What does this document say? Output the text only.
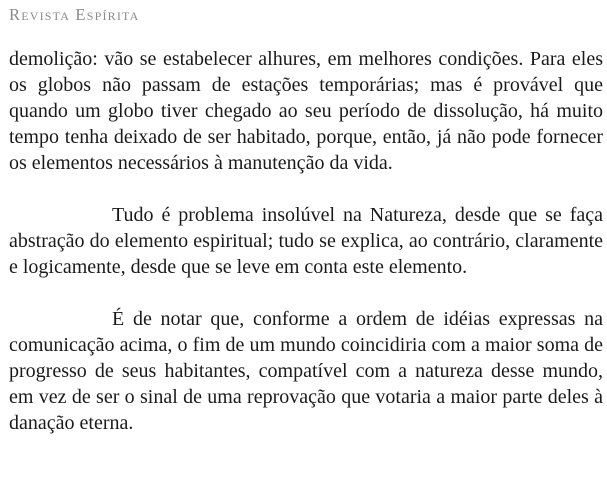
Revista Espírita

demolição: vão se estabelecer alhures, em melhores condições. Para eles os globos não passam de estações temporárias; mas é provável que quando um globo tiver chegado ao seu período de dissolução, há muito tempo tenha deixado de ser habitado, porque, então, já não pode fornecer os elementos necessários à manutenção da vida.

Tudo é problema insolúvel na Natureza, desde que se faça abstração do elemento espiritual; tudo se explica, ao contrário, claramente e logicamente, desde que se leve em conta este elemento.

É de notar que, conforme a ordem de idéias expressas na comunicação acima, o fim de um mundo coincidiria com a maior soma de progresso de seus habitantes, compatível com a natureza desse mundo, em vez de ser o sinal de uma reprovação que votaria a maior parte deles à danação eterna.
